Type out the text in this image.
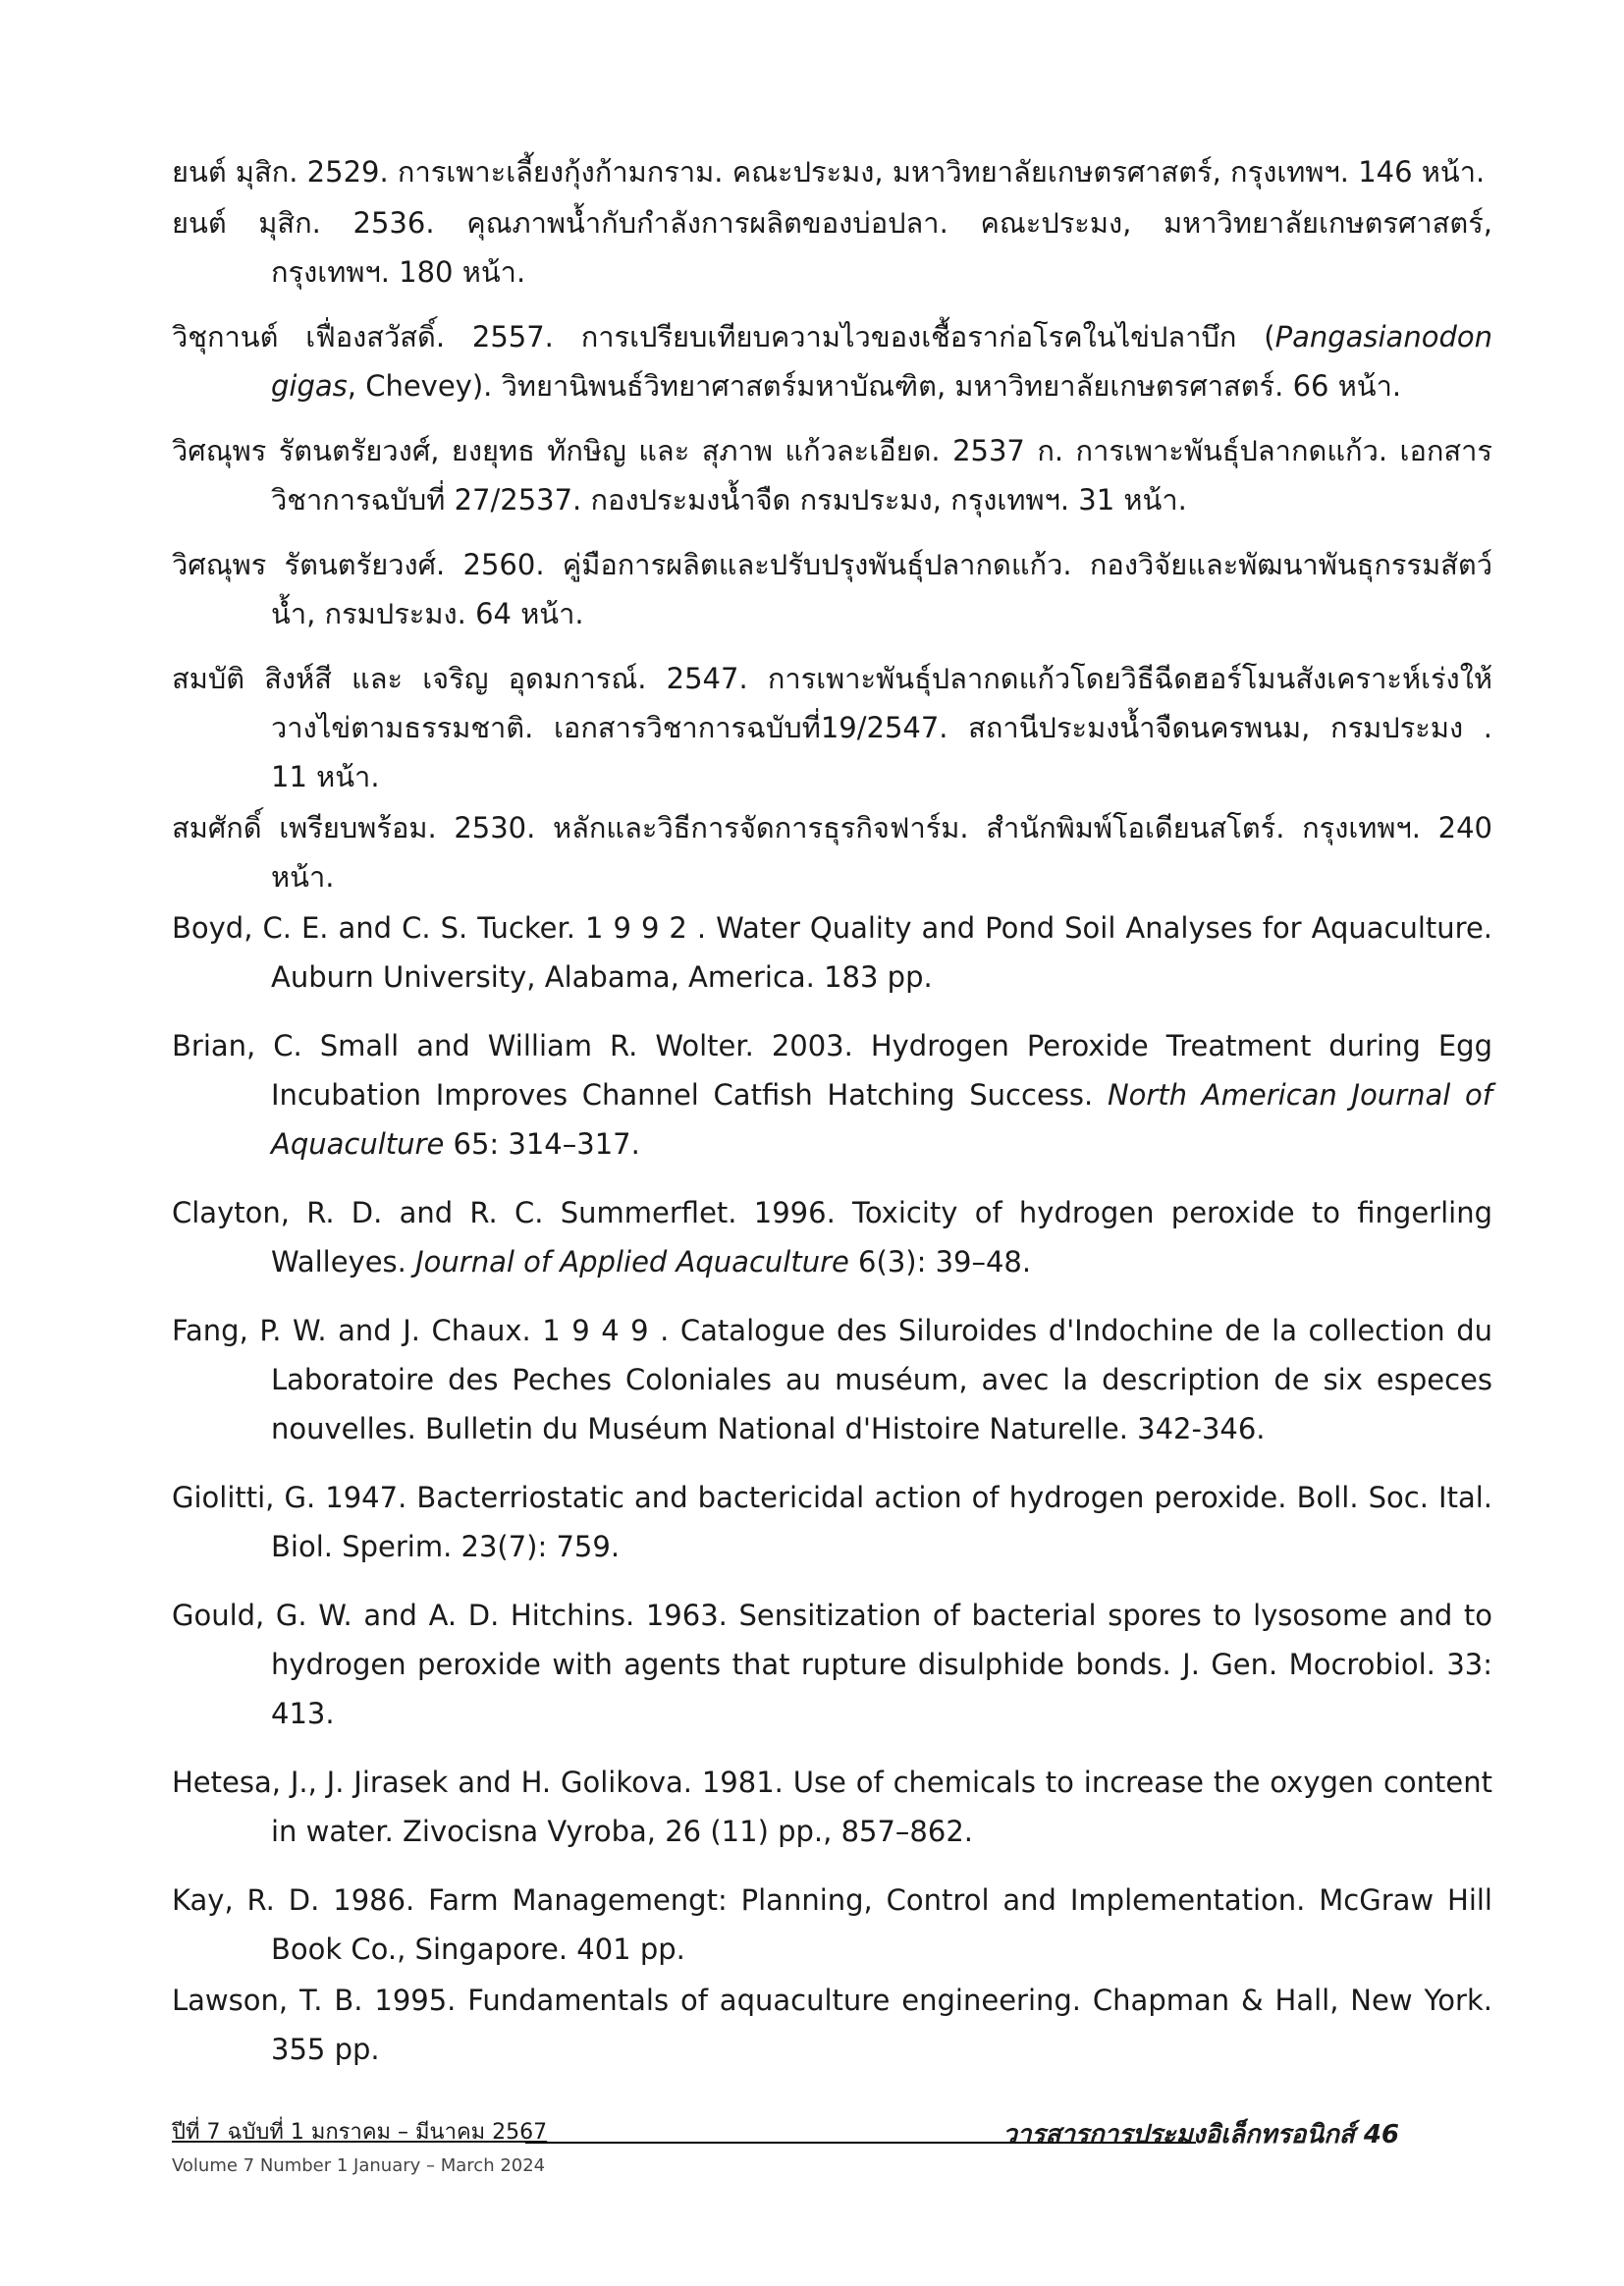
ยนต์ มุสิก. 2529. การเพาะเลี้ยงกุ้งก้ามกราม. คณะประมง, มหาวิทยาลัยเกษตรศาสตร์, กรุงเทพฯ. 146 หน้า.

ยนต์ มุสิก. 2536. คุณภาพน้ำกับกำลังการผลิตของบ่อปลา. คณะประมง, มหาวิทยาลัยเกษตรศาสตร์, กรุงเทพฯ. 180 หน้า.

วิชุกานต์ เฟื่องสวัสดิ์. 2557. การเปรียบเทียบความไวของเชื้อราก่อโรคในไข่ปลาบึก (Pangasianodon gigas, Chevey). วิทยานิพนธ์วิทยาศาสตร์มหาบัณฑิต, มหาวิทยาลัยเกษตรศาสตร์. 66 หน้า.

วิศณุพร รัตนตรัยวงศ์, ยงยุทธ ทักษิญ และ สุภาพ แก้วละเอียด. 2537 ก. การเพาะพันธุ์ปลากดแก้ว. เอกสารวิชาการฉบับที่ 27/2537. กองประมงน้ำจืด กรมประมง, กรุงเทพฯ. 31 หน้า.

วิศณุพร รัตนตรัยวงศ์. 2560. คู่มือการผลิตและปรับปรุงพันธุ์ปลากดแก้ว. กองวิจัยและพัฒนาพันธุกรรมสัตว์น้ำ, กรมประมง. 64 หน้า.

สมบัติ สิงห์สี และ เจริญ อุดมการณ์. 2547. การเพาะพันธุ์ปลากดแก้วโดยวิธีฉีดฮอร์โมนสังเคราะห์เร่งให้วางไข่ตามธรรมชาติ. เอกสารวิชาการฉบับที่19/2547. สถานีประมงน้ำจืดนครพนม, กรมประมง . 11 หน้า.

สมศักดิ์ เพรียบพร้อม. 2530. หลักและวิธีการจัดการธุรกิจฟาร์ม. สำนักพิมพ์โอเดียนสโตร์. กรุงเทพฯ. 240 หน้า.

Boyd, C. E. and C. S. Tucker. 1 9 9 2 . Water Quality and Pond Soil Analyses for Aquaculture. Auburn University, Alabama, America. 183 pp.

Brian, C. Small and William R. Wolter. 2003. Hydrogen Peroxide Treatment during Egg Incubation Improves Channel Catfish Hatching Success. North American Journal of Aquaculture 65: 314–317.

Clayton, R. D. and R. C. Summerflet. 1996. Toxicity of hydrogen peroxide to fingerling Walleyes. Journal of Applied Aquaculture 6(3): 39–48.

Fang, P. W. and J. Chaux. 1 9 4 9 . Catalogue des Siluroides d'Indochine de la collection du Laboratoire des Peches Coloniales au muséum, avec la description de six especes nouvelles. Bulletin du Muséum National d'Histoire Naturelle. 342-346.

Giolitti, G. 1947. Bacterriostatic and bactericidal action of hydrogen peroxide. Boll. Soc. Ital. Biol. Sperim. 23(7): 759.

Gould, G. W. and A. D. Hitchins. 1963. Sensitization of bacterial spores to lysosome and to hydrogen peroxide with agents that rupture disulphide bonds. J. Gen. Mocrobiol. 33: 413.

Hetesa, J., J. Jirasek and H. Golikova. 1981. Use of chemicals to increase the oxygen content in water. Zivocisna Vyroba, 26 (11) pp., 857–862.

Kay, R. D. 1986. Farm Managemengt: Planning, Control and Implementation. McGraw Hill Book Co., Singapore. 401 pp.

Lawson, T. B. 1995. Fundamentals of aquaculture engineering. Chapman & Hall, New York. 355 pp.

ปีที่ 7 ฉบับที่ 1 มกราคม – มีนาคม 2567
Volume 7 Number 1 January – March 2024
วารสารการประมงอิเล็กทรอนิกส์ 46
